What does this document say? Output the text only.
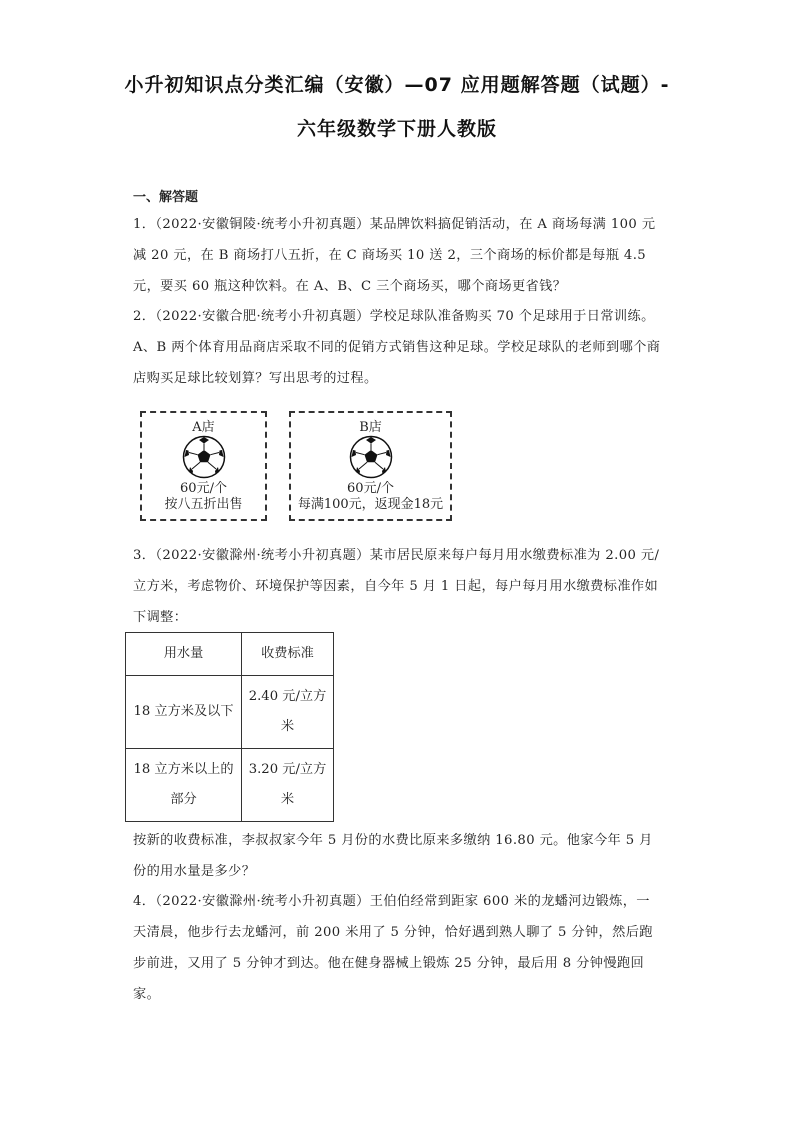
小升初知识点分类汇编（安徽）—07 应用题解答题（试题）-
六年级数学下册人教版
一、解答题
1．（2022·安徽铜陵·统考小升初真题）某品牌饮料搞促销活动，在 A 商场每满 100 元减 20 元，在 B 商场打八五折，在 C 商场买 10 送 2，三个商场的标价都是每瓶 4.5 元，要买 60 瓶这种饮料。在 A、B、C 三个商场买，哪个商场更省钱？
2．（2022·安徽合肥·统考小升初真题）学校足球队准备购买 70 个足球用于日常训练。A、B 两个体育用品商店采取不同的促销方式销售这种足球。学校足球队的老师到哪个商店购买足球比较划算？写出思考的过程。
A店
60元/个
按八五折出售
B店
60元/个
每满100元，返现金18元
3．（2022·安徽滁州·统考小升初真题）某市居民原来每户每月用水缴费标准为 2.00 元/立方米，考虑物价、环境保护等因素，自今年 5 月 1 日起，每户每月用水缴费标准作如下调整：
用水量	收费标准
18 立方米及以下	2.40 元/立方米
18 立方米以上的部分	3.20 元/立方米
按新的收费标准，李叔叔家今年 5 月份的水费比原来多缴纳 16.80 元。他家今年 5 月份的用水量是多少？
4．（2022·安徽滁州·统考小升初真题）王伯伯经常到距家 600 米的龙蟠河边锻炼，一天清晨，他步行去龙蟠河，前 200 米用了 5 分钟，恰好遇到熟人聊了 5 分钟，然后跑步前进，又用了 5 分钟才到达。他在健身器械上锻炼 25 分钟，最后用 8 分钟慢跑回家。
